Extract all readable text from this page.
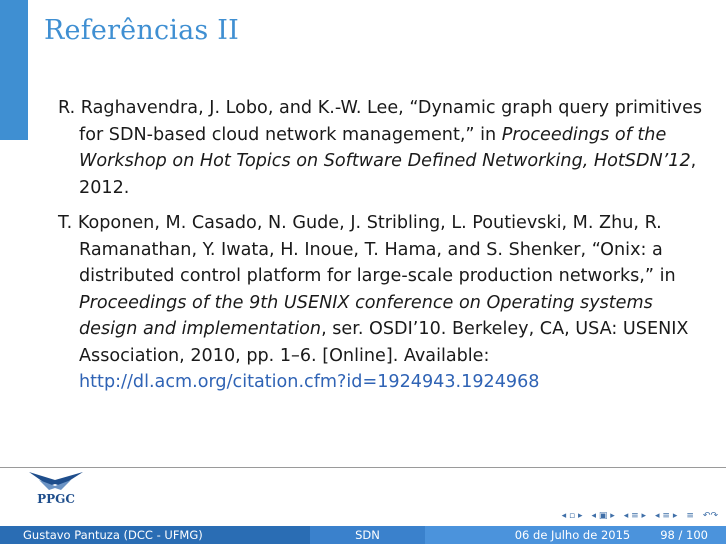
Referências II

R. Raghavendra, J. Lobo, and K.-W. Lee, “Dynamic graph query primitives for SDN-based cloud network management,” in Proceedings of the Workshop on Hot Topics on Software Defined Networking, HotSDN’12, 2012.

T. Koponen, M. Casado, N. Gude, J. Stribling, L. Poutievski, M. Zhu, R. Ramanathan, Y. Iwata, H. Inoue, T. Hama, and S. Shenker, “Onix: a distributed control platform for large-scale production networks,” in Proceedings of the 9th USENIX conference on Operating systems design and implementation, ser. OSDI’10. Berkeley, CA, USA: USENIX Association, 2010, pp. 1–6. [Online]. Available: http://dl.acm.org/citation.cfm?id=1924943.1924968

PPGC
◂ ▫ ▸ ◂ ▣ ▸ ◂ ≡ ▸ ◂ ≡ ▸ ≡ ↶↷
Gustavo Pantuza (DCC - UFMG)	SDN	06 de Julho de 2015	98 / 100
